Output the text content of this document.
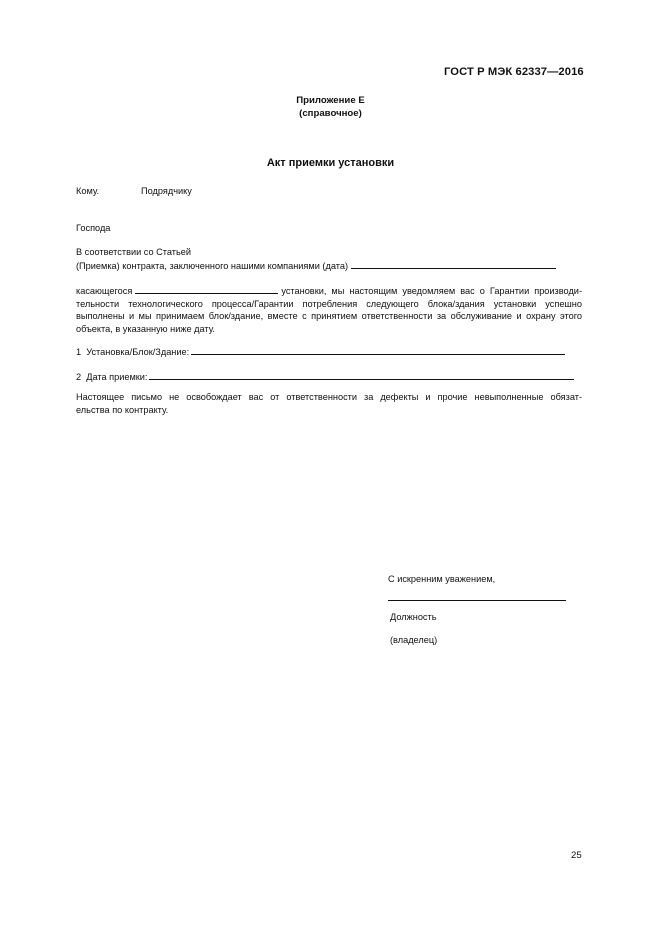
ГОСТ Р МЭК 62337—2016
Приложение Е
(справочное)
Акт приемки установки
Кому.	Подрядчику
Господа
В соответствии со Статьей
(Приемка) контракта, заключенного нашими компаниями (дата)
касающегося	установки, мы настоящим уведомляем вас о Гарантии производи-
тельности технологического процесса/Гарантии потребления следующего блока/здания установки успешно
выполнены и мы принимаем блок/здание, вместе с принятием ответственности за обслуживание и охрану этого
объекта, в указанную ниже дату.
1 Установка/Блок/Здание:
2 Дата приемки:
Настоящее письмо не освобождает вас от ответственности за дефекты и прочие невыполненные обязат-
ельства по контракту.
С искренним уважением,
Должность
(владелец)
25
